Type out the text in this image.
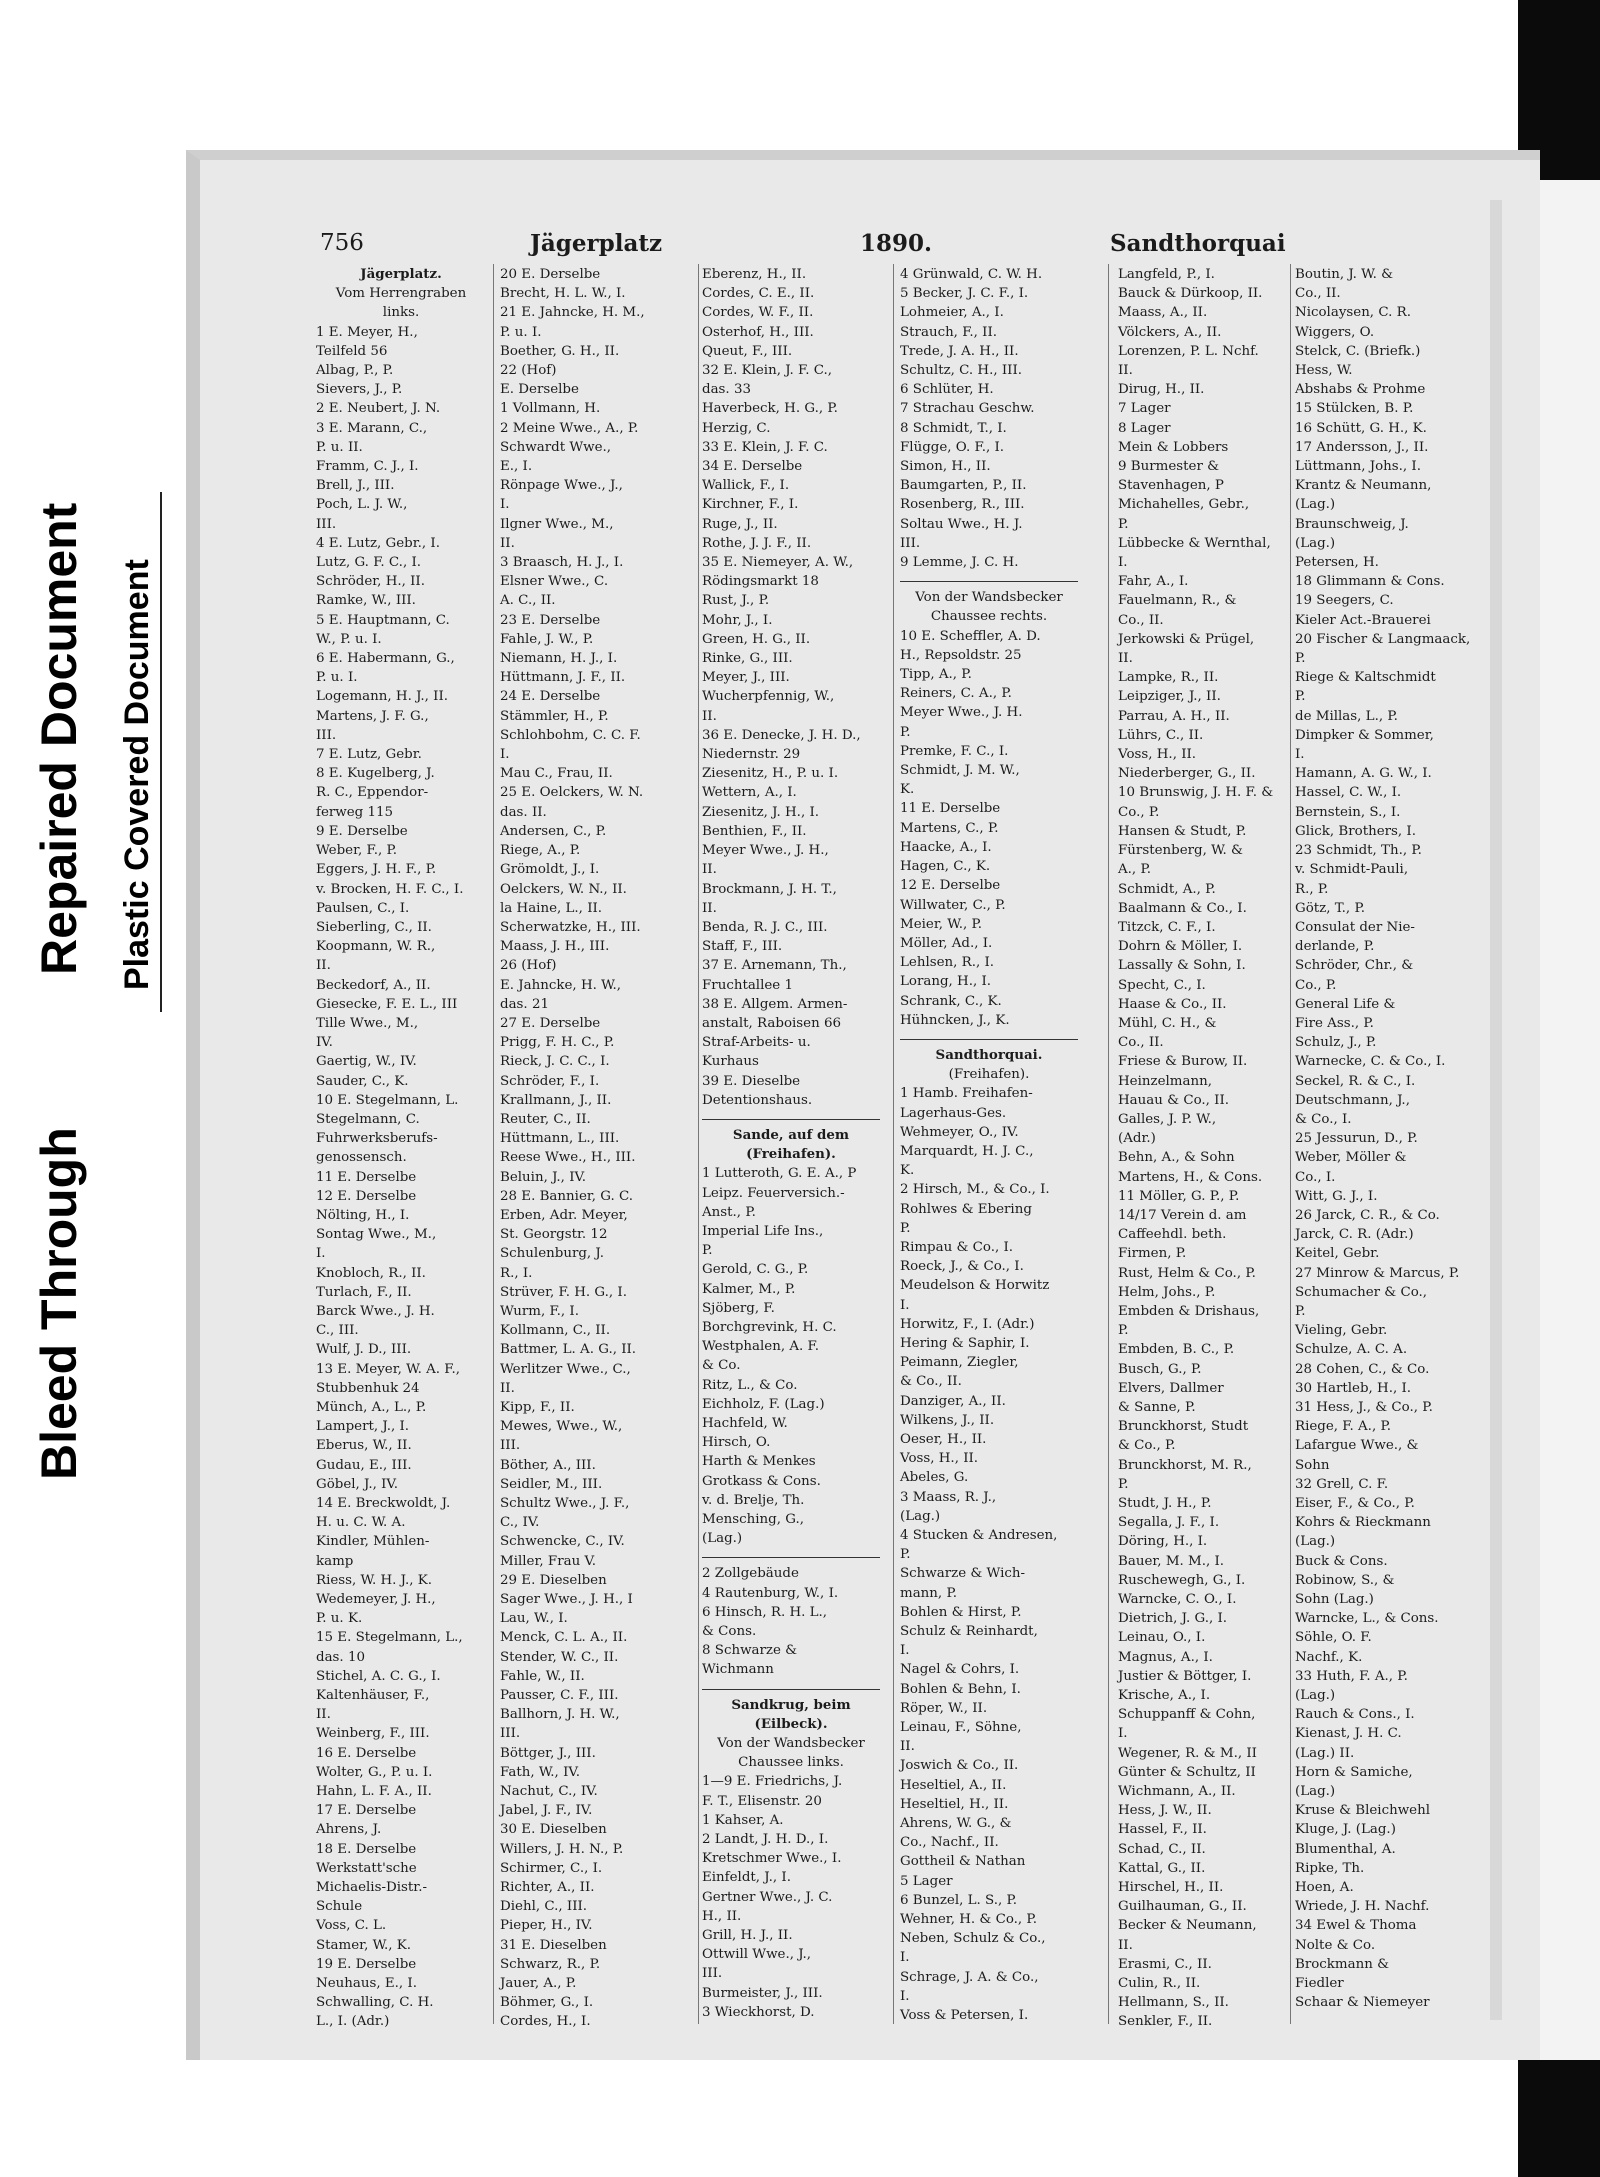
Bleed Through
Repaired Document Plastic Covered Document
756	Jägerplatz	1890.	Sandthorquai

Jägerplatz.

Vom Herrengraben

links.

1 E. Meyer, H.,

Teilfeld 56

Albag, P., P.

Sievers, J., P.

2 E. Neubert, J. N.

3 E. Marann, C.,

P. u. II.

Framm, C. J., I.

Brell, J., III.

Poch, L. J. W.,

III.

4 E. Lutz, Gebr., I.

Lutz, G. F. C., I.

Schröder, H., II.

Ramke, W., III.

5 E. Hauptmann, C.

W., P. u. I.

6 E. Habermann, G.,

P. u. I.

Logemann, H. J., II.

Martens, J. F. G.,

III.

7 E. Lutz, Gebr.

8 E. Kugelberg, J.

R. C., Eppendor-

ferweg 115

9 E. Derselbe

Weber, F., P.

Eggers, J. H. F., P.

v. Brocken, H. F. C., I.

Paulsen, C., I.

Sieberling, C., II.

Koopmann, W. R.,

II.

Beckedorf, A., II.

Giesecke, F. E. L., III

Tille Wwe., M.,

IV.

Gaertig, W., IV.

Sauder, C., K.

10 E. Stegelmann, L.

Stegelmann, C.

Fuhrwerksberufs-

genossensch.

11 E. Derselbe

12 E. Derselbe

Nölting, H., I.

Sontag Wwe., M.,

I.

Knobloch, R., II.

Turlach, F., II.

Barck Wwe., J. H.

C., III.

Wulf, J. D., III.

13 E. Meyer, W. A. F.,

Stubbenhuk 24

Münch, A., L., P.

Lampert, J., I.

Eberus, W., II.

Gudau, E., III.

Göbel, J., IV.

14 E. Breckwoldt, J.

H. u. C. W. A.

Kindler, Mühlen-

kamp

Riess, W. H. J., K.

Wedemeyer, J. H.,

P. u. K.

15 E. Stegelmann, L.,

das. 10

Stichel, A. C. G., I.

Kaltenhäuser, F.,

II.

Weinberg, F., III.

16 E. Derselbe

Wolter, G., P. u. I.

Hahn, L. F. A., II.

17 E. Derselbe

Ahrens, J.

18 E. Derselbe

Werkstatt'sche

Michaelis-Distr.-

Schule

Voss, C. L.

Stamer, W., K.

19 E. Derselbe

Neuhaus, E., I.

Schwalling, C. H.

L., I. (Adr.)

20 E. Derselbe

Brecht, H. L. W., I.

21 E. Jahncke, H. M.,

P. u. I.

Boether, G. H., II.

22 (Hof)

E. Derselbe

1 Vollmann, H.

2 Meine Wwe., A., P.

Schwardt Wwe.,

E., I.

Rönpage Wwe., J.,

I.

Ilgner Wwe., M.,

II.

3 Braasch, H. J., I.

Elsner Wwe., C.

A. C., II.

23 E. Derselbe

Fahle, J. W., P.

Niemann, H. J., I.

Hüttmann, J. F., II.

24 E. Derselbe

Stämmler, H., P.

Schlohbohm, C. C. F.

I.

Mau C., Frau, II.

25 E. Oelckers, W. N.

das. II.

Andersen, C., P.

Riege, A., P.

Grömoldt, J., I.

Oelckers, W. N., II.

la Haine, L., II.

Scherwatzke, H., III.

Maass, J. H., III.

26 (Hof)

E. Jahncke, H. W.,

das. 21

27 E. Derselbe

Prigg, F. H. C., P.

Rieck, J. C. C., I.

Schröder, F., I.

Krallmann, J., II.

Reuter, C., II.

Hüttmann, L., III.

Reese Wwe., H., III.

Beluin, J., IV.

28 E. Bannier, G. C.

Erben, Adr. Meyer,

St. Georgstr. 12

Schulenburg, J.

R., I.

Strüver, F. H. G., I.

Wurm, F., I.

Kollmann, C., II.

Battmer, L. A. G., II.

Werlitzer Wwe., C.,

II.

Kipp, F., II.

Mewes, Wwe., W.,

III.

Böther, A., III.

Seidler, M., III.

Schultz Wwe., J. F.,

C., IV.

Schwencke, C., IV.

Miller, Frau V.

29 E. Dieselben

Sager Wwe., J. H., I

Lau, W., I.

Menck, C. L. A., II.

Stender, W. C., II.

Fahle, W., II.

Pausser, C. F., III.

Ballhorn, J. H. W.,

III.

Böttger, J., III.

Fath, W., IV.

Nachut, C., IV.

Jabel, J. F., IV.

30 E. Dieselben

Willers, J. H. N., P.

Schirmer, C., I.

Richter, A., II.

Diehl, C., III.

Pieper, H., IV.

31 E. Dieselben

Schwarz, R., P.

Jauer, A., P.

Böhmer, G., I.

Cordes, H., I.

Eberenz, H., II.

Cordes, C. E., II.

Cordes, W. F., II.

Osterhof, H., III.

Queut, F., III.

32 E. Klein, J. F. C.,

das. 33

Haverbeck, H. G., P.

Herzig, C.

33 E. Klein, J. F. C.

34 E. Derselbe

Wallick, F., I.

Kirchner, F., I.

Ruge, J., II.

Rothe, J. J. F., II.

35 E. Niemeyer, A. W.,

Rödingsmarkt 18

Rust, J., P.

Mohr, J., I.

Green, H. G., II.

Rinke, G., III.

Meyer, J., III.

Wucherpfennig, W.,

II.

36 E. Denecke, J. H. D.,

Niedernstr. 29

Ziesenitz, H., P. u. I.

Wettern, A., I.

Ziesenitz, J. H., I.

Benthien, F., II.

Meyer Wwe., J. H.,

II.

Brockmann, J. H. T.,

II.

Benda, R. J. C., III.

Staff, F., III.

37 E. Arnemann, Th.,

Fruchtallee 1

38 E. Allgem. Armen-

anstalt, Raboisen 66

Straf-Arbeits- u.

Kurhaus

39 E. Dieselbe

Detentionshaus.

Sande, auf dem

(Freihafen).

1 Lutteroth, G. E. A., P

Leipz. Feuerversich.-

Anst., P.

Imperial Life Ins.,

P.

Gerold, C. G., P.

Kalmer, M., P.

Sjöberg, F.

Borchgrevink, H. C.

Westphalen, A. F.

& Co.

Ritz, L., & Co.

Eichholz, F. (Lag.)

Hachfeld, W.

Hirsch, O.

Harth & Menkes

Grotkass & Cons.

v. d. Brelje, Th.

Mensching, G.,

(Lag.)

2 Zollgebäude

4 Rautenburg, W., I.

6 Hinsch, R. H. L.,

& Cons.

8 Schwarze &

Wichmann

Sandkrug, beim

(Eilbeck).

Von der Wandsbecker

Chaussee links.

1—9 E. Friedrichs, J.

F. T., Elisenstr. 20

1 Kahser, A.

2 Landt, J. H. D., I.

Kretschmer Wwe., I.

Einfeldt, J., I.

Gertner Wwe., J. C.

H., II.

Grill, H. J., II.

Ottwill Wwe., J.,

III.

Burmeister, J., III.

3 Wieckhorst, D.

4 Grünwald, C. W. H.

5 Becker, J. C. F., I.

Lohmeier, A., I.

Strauch, F., II.

Trede, J. A. H., II.

Schultz, C. H., III.

6 Schlüter, H.

7 Strachau Geschw.

8 Schmidt, T., I.

Flügge, O. F., I.

Simon, H., II.

Baumgarten, P., II.

Rosenberg, R., III.

Soltau Wwe., H. J.

III.

9 Lemme, J. C. H.

Von der Wandsbecker

Chaussee rechts.

10 E. Scheffler, A. D.

H., Repsoldstr. 25

Tipp, A., P.

Reiners, C. A., P.

Meyer Wwe., J. H.

P.

Premke, F. C., I.

Schmidt, J. M. W.,

K.

11 E. Derselbe

Martens, C., P.

Haacke, A., I.

Hagen, C., K.

12 E. Derselbe

Willwater, C., P.

Meier, W., P.

Möller, Ad., I.

Lehlsen, R., I.

Lorang, H., I.

Schrank, C., K.

Hühncken, J., K.

Sandthorquai.

(Freihafen).

1 Hamb. Freihafen-

Lagerhaus-Ges.

Wehmeyer, O., IV.

Marquardt, H. J. C.,

K.

2 Hirsch, M., & Co., I.

Rohlwes & Ebering

P.

Rimpau & Co., I.

Roeck, J., & Co., I.

Meudelson & Horwitz

I.

Horwitz, F., I. (Adr.)

Hering & Saphir, I.

Peimann, Ziegler,

& Co., II.

Danziger, A., II.

Wilkens, J., II.

Oeser, H., II.

Voss, H., II.

Abeles, G.

3 Maass, R. J.,

(Lag.)

4 Stucken & Andresen,

P.

Schwarze & Wich-

mann, P.

Bohlen & Hirst, P.

Schulz & Reinhardt,

I.

Nagel & Cohrs, I.

Bohlen & Behn, I.

Röper, W., II.

Leinau, F., Söhne,

II.

Joswich & Co., II.

Heseltiel, A., II.

Heseltiel, H., II.

Ahrens, W. G., &

Co., Nachf., II.

Gottheil & Nathan

5 Lager

6 Bunzel, L. S., P.

Wehner, H. & Co., P.

Neben, Schulz & Co.,

I.

Schrage, J. A. & Co.,

I.

Voss & Petersen, I.

Langfeld, P., I.

Bauck & Dürkoop, II.

Maass, A., II.

Völckers, A., II.

Lorenzen, P. L. Nchf.

II.

Dirug, H., II.

7 Lager

8 Lager

Mein & Lobbers

9 Burmester &

Stavenhagen, P

Michahelles, Gebr.,

P.

Lübbecke & Wernthal,

I.

Fahr, A., I.

Fauelmann, R., &

Co., II.

Jerkowski & Prügel,

II.

Lampke, R., II.

Leipziger, J., II.

Parrau, A. H., II.

Lührs, C., II.

Voss, H., II.

Niederberger, G., II.

10 Brunswig, J. H. F. &

Co., P.

Hansen & Studt, P.

Fürstenberg, W. &

A., P.

Schmidt, A., P.

Baalmann & Co., I.

Titzck, C. F., I.

Dohrn & Möller, I.

Lassally & Sohn, I.

Specht, C., I.

Haase & Co., II.

Mühl, C. H., &

Co., II.

Friese & Burow, II.

Heinzelmann,

Hauau & Co., II.

Galles, J. P. W.,

(Adr.)

Behn, A., & Sohn

Martens, H., & Cons.

11 Möller, G. P., P.

14/17 Verein d. am

Caffeehdl. beth.

Firmen, P.

Rust, Helm & Co., P.

Helm, Johs., P.

Embden & Drishaus,

P.

Embden, B. C., P.

Busch, G., P.

Elvers, Dallmer

& Sanne, P.

Brunckhorst, Studt

& Co., P.

Brunckhorst, M. R.,

P.

Studt, J. H., P.

Segalla, J. F., I.

Döring, H., I.

Bauer, M. M., I.

Ruschewegh, G., I.

Warncke, C. O., I.

Dietrich, J. G., I.

Leinau, O., I.

Magnus, A., I.

Justier & Böttger, I.

Krische, A., I.

Schuppanff & Cohn,

I.

Wegener, R. & M., II

Günter & Schultz, II

Wichmann, A., II.

Hess, J. W., II.

Hassel, F., II.

Schad, C., II.

Kattal, G., II.

Hirschel, H., II.

Guilhauman, G., II.

Becker & Neumann,

II.

Erasmi, C., II.

Culin, R., II.

Hellmann, S., II.

Senkler, F., II.

Boutin, J. W. &

Co., II.

Nicolaysen, C. R.

Wiggers, O.

Stelck, C. (Briefk.)

Hess, W.

Abshabs & Prohme

15 Stülcken, B. P.

16 Schütt, G. H., K.

17 Andersson, J., II.

Lüttmann, Johs., I.

Krantz & Neumann,

(Lag.)

Braunschweig, J.

(Lag.)

Petersen, H.

18 Glimmann & Cons.

19 Seegers, C.

Kieler Act.-Brauerei

20 Fischer & Langmaack,

P.

Riege & Kaltschmidt

P.

de Millas, L., P.

Dimpker & Sommer,

I.

Hamann, A. G. W., I.

Hassel, C. W., I.

Bernstein, S., I.

Glick, Brothers, I.

23 Schmidt, Th., P.

v. Schmidt-Pauli,

R., P.

Götz, T., P.

Consulat der Nie-

derlande, P.

Schröder, Chr., &

Co., P.

General Life &

Fire Ass., P.

Schulz, J., P.

Warnecke, C. & Co., I.

Seckel, R. & C., I.

Deutschmann, J.,

& Co., I.

25 Jessurun, D., P.

Weber, Möller &

Co., I.

Witt, G. J., I.

26 Jarck, C. R., & Co.

Jarck, C. R. (Adr.)

Keitel, Gebr.

27 Minrow & Marcus, P.

Schumacher & Co.,

P.

Vieling, Gebr.

Schulze, A. C. A.

28 Cohen, C., & Co.

30 Hartleb, H., I.

31 Hess, J., & Co., P.

Riege, F. A., P.

Lafargue Wwe., &

Sohn

32 Grell, C. F.

Eiser, F., & Co., P.

Kohrs & Rieckmann

(Lag.)

Buck & Cons.

Robinow, S., &

Sohn (Lag.)

Warncke, L., & Cons.

Söhle, O. F.

Nachf., K.

33 Huth, F. A., P.

(Lag.)

Rauch & Cons., I.

Kienast, J. H. C.

(Lag.) II.

Horn & Samiche,

(Lag.)

Kruse & Bleichwehl

Kluge, J. (Lag.)

Blumenthal, A.

Ripke, Th.

Hoen, A.

Wriede, J. H. Nachf.

34 Ewel & Thoma

Nolte & Co.

Brockmann &

Fiedler

Schaar & Niemeyer
